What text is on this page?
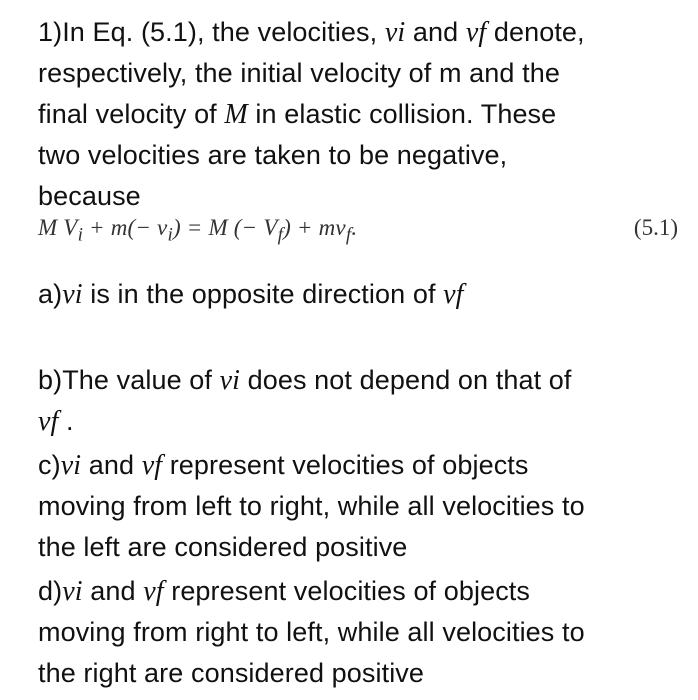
1)In Eq. (5.1), the velocities, vi and vf denote,
respectively, the initial velocity of m and the
final velocity of M in elastic collision. These
two velocities are taken to be negative,
because
M $V_i + m(- v_i) = M$ (− $V_f) + mv_f$.	(5.1)
a)vi is in the opposite direction of vf
b)The value of vi does not depend on that of
vf .
c)vi and vf represent velocities of objects
moving from left to right, while all velocities to
the left are considered positive
d)vi and vf represent velocities of objects
moving from right to left, while all velocities to
the right are considered positive
